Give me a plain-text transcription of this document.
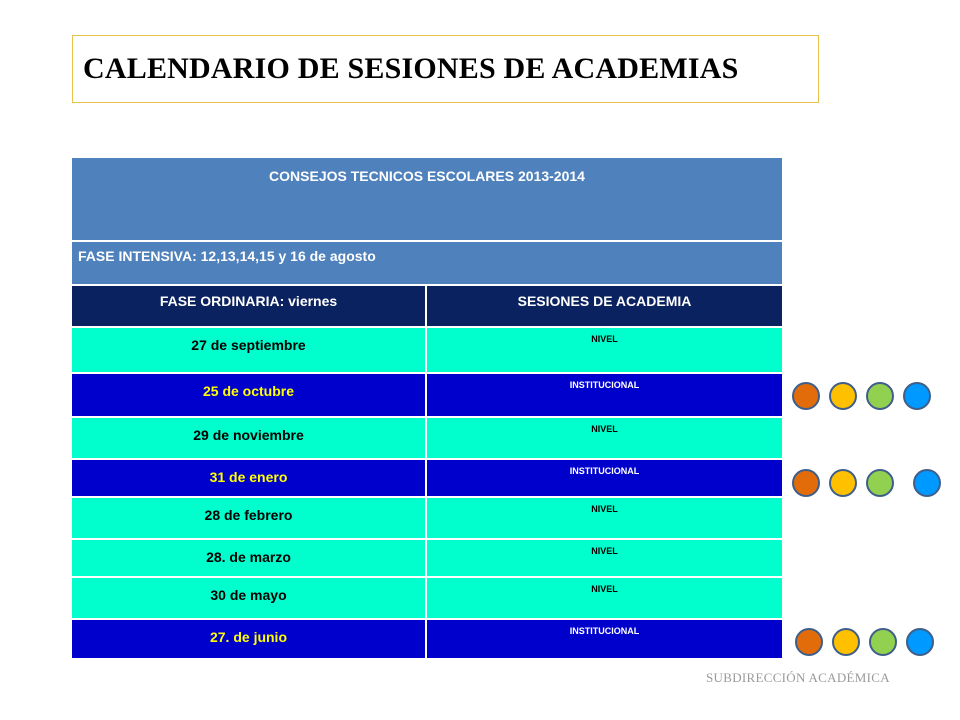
CALENDARIO DE SESIONES DE ACADEMIAS
CONSEJOS TECNICOS ESCOLARES 2013-2014
FASE INTENSIVA: 12,13,14,15 y 16 de agosto
FASE ORDINARIA: viernes	SESIONES DE ACADEMIA
27 de septiembre	NIVEL
25 de octubre	INSTITUCIONAL
29 de noviembre	NIVEL
31 de enero	INSTITUCIONAL
28 de febrero	NIVEL
28. de marzo	NIVEL
30 de mayo	NIVEL
27. de junio	INSTITUCIONAL
SUBDIRECCIÓN ACADÉMICA
